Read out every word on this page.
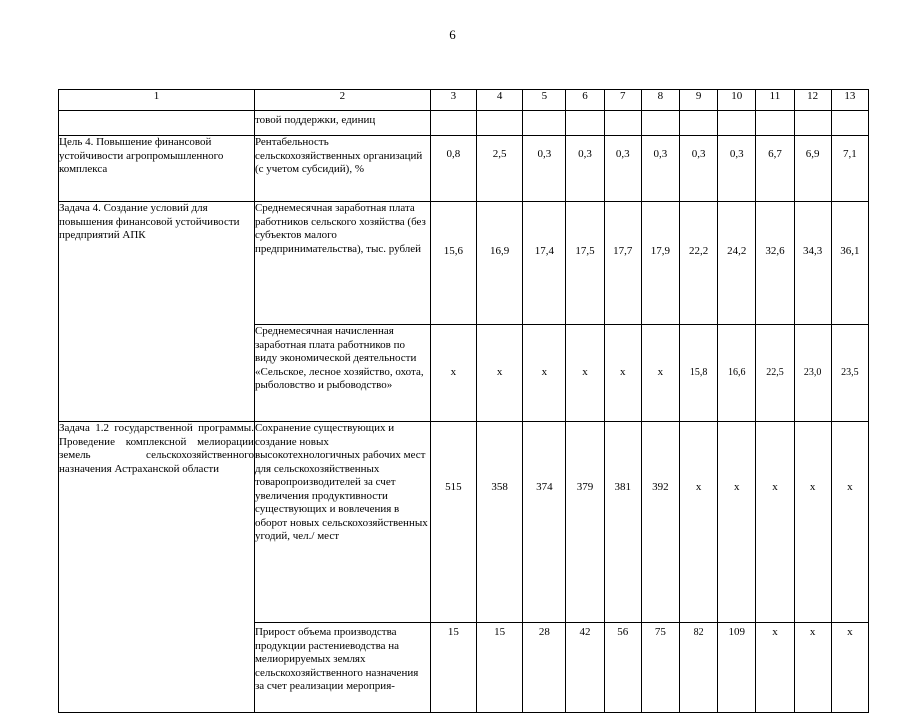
6
1	2	3	4	5	6	7	8	9	10	11	12	13
	товой поддержки, единиц											
Цель 4. Повышение финансовой устойчивости агропромышленного комплекса	Рентабельность сельскохозяйственных организаций (с учетом субсидий), %	0,8	2,5	0,3	0,3	0,3	0,3	0,3	0,3	6,7	6,9	7,1
Задача 4. Создание условий для повышения финансовой устойчивости предприятий АПК	Среднемесячная заработная плата работников сельского хозяйства (без субъектов малого предпринимательства), тыс. рублей	15,6	16,9	17,4	17,5	17,7	17,9	22,2	24,2	32,6	34,3	36,1
	Среднемесячная начисленная заработная плата работников по виду экономической деятельности «Сельское, лесное хозяйство, охота, рыболовство и рыбоводство»	х	х	х	х	х	х	15,8	16,6	22,5	23,0	23,5
Задача 1.2 государственной программы. Проведение комплексной мелиорации земель сельскохозяйственного назначения Астраханской области	Сохранение существующих и создание новых высокотехнологичных рабочих мест для сельскохозяйственных товаропроизводителей за счет увеличения продуктивности существующих и вовлечения в оборот новых сельскохозяйственных угодий, чел./ мест	515	358	374	379	381	392	х	х	х	х	х
	Прирост объема производства продукции растениеводства на мелиорируемых землях сельскохозяйственного назначения за счет реализации мероприя-	15	15	28	42	56	75	82	109	х	х	х
